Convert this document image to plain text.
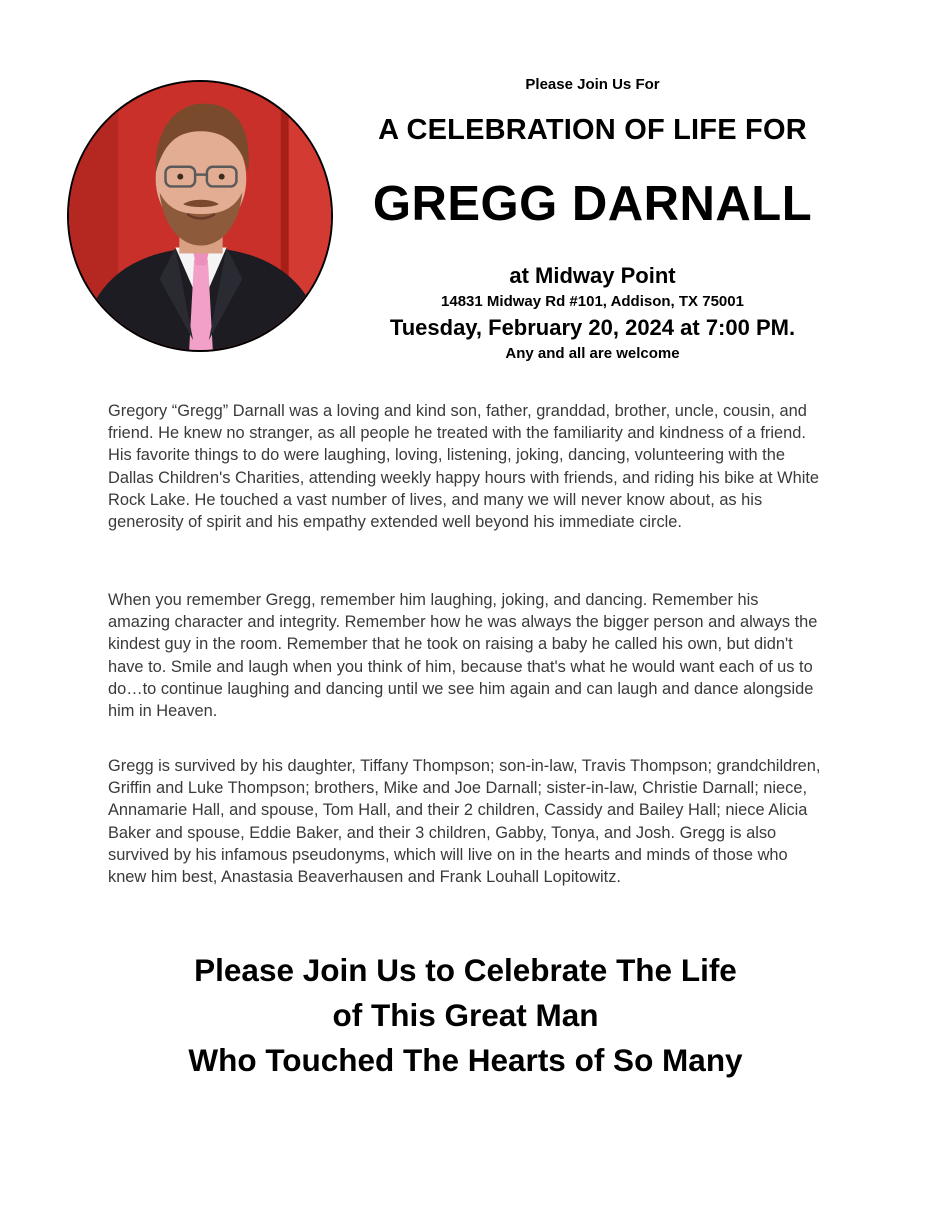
Please Join Us For
A CELEBRATION OF LIFE FOR
GREGG DARNALL
at Midway Point
14831 Midway Rd #101, Addison, TX 75001
Tuesday, February 20, 2024 at 7:00 PM.
Any and all are welcome

Gregory “Gregg” Darnall was a loving and kind son, father, granddad, brother, uncle, cousin, and friend. He knew no stranger, as all people he treated with the familiarity and kindness of a friend. His favorite things to do were laughing, loving, listening, joking, dancing, volunteering with the Dallas Children's Charities, attending weekly happy hours with friends, and riding his bike at White Rock Lake. He touched a vast number of lives, and many we will never know about, as his generosity of spirit and his empathy extended well beyond his immediate circle.

When you remember Gregg, remember him laughing, joking, and dancing. Remember his amazing character and integrity. Remember how he was always the bigger person and always the kindest guy in the room. Remember that he took on raising a baby he called his own, but didn't have to. Smile and laugh when you think of him, because that's what he would want each of us to do…to continue laughing and dancing until we see him again and can laugh and dance alongside him in Heaven.

Gregg is survived by his daughter, Tiffany Thompson; son-in-law, Travis Thompson; grandchildren, Griffin and Luke Thompson; brothers, Mike and Joe Darnall; sister-in-law, Christie Darnall; niece, Annamarie Hall, and spouse, Tom Hall, and their 2 children, Cassidy and Bailey Hall; niece Alicia Baker and spouse, Eddie Baker, and their 3 children, Gabby, Tonya, and Josh. Gregg is also survived by his infamous pseudonyms, which will live on in the hearts and minds of those who knew him best, Anastasia Beaverhausen and Frank Louhall Lopitowitz.

Please Join Us to Celebrate The Life
of This Great Man
Who Touched The Hearts of So Many
